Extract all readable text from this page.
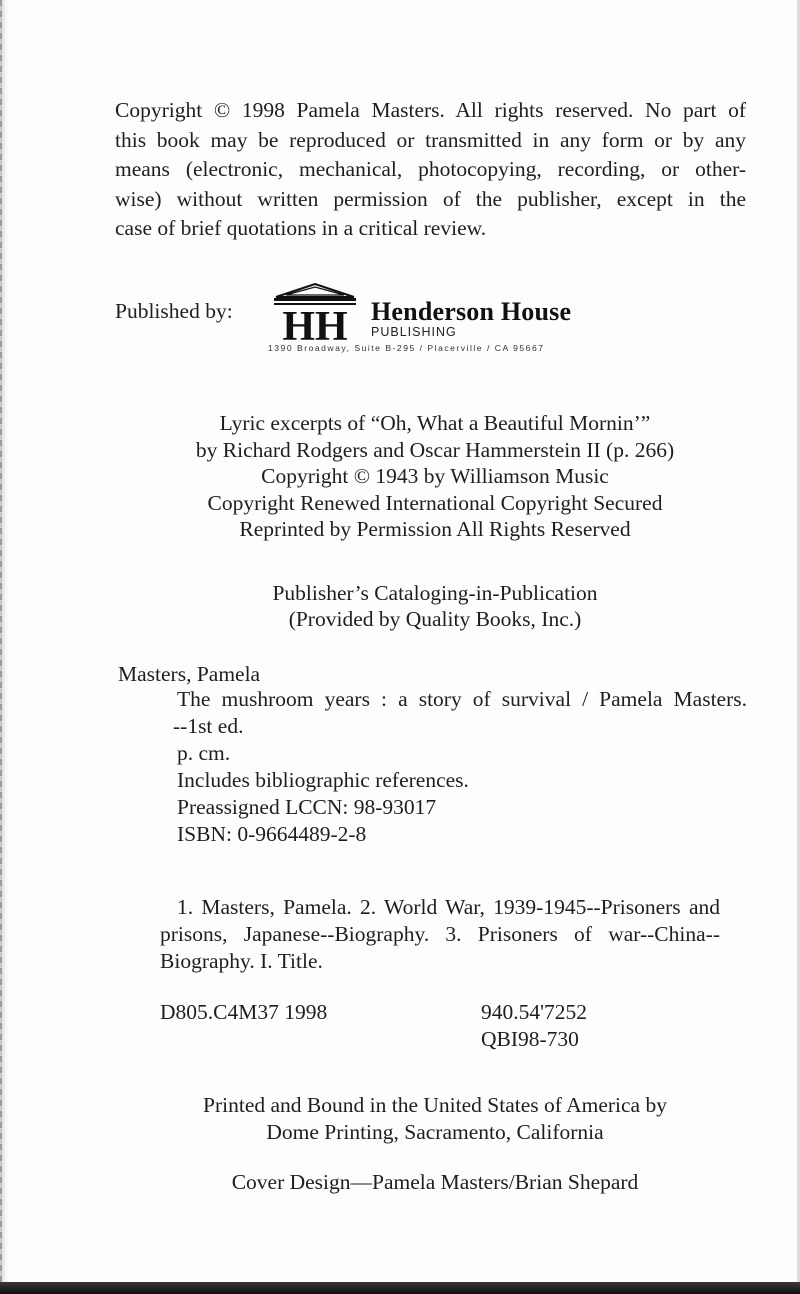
Copyright © 1998 Pamela Masters. All rights reserved. No part of
this book may be reproduced or transmitted in any form or by any
means (electronic, mechanical, photocopying, recording, or other-
wise) without written permission of the publisher, except in the
case of brief quotations in a critical review.
Published by: HH Henderson House
PUBLISHING
1390 Broadway, Suite B-295 / Placerville / CA 95667
Lyric excerpts of “Oh, What a Beautiful Mornin’”
by Richard Rodgers and Oscar Hammerstein II (p. 266)
Copyright © 1943 by Williamson Music
Copyright Renewed International Copyright Secured
Reprinted by Permission All Rights Reserved
Publisher’s Cataloging-in-Publication
(Provided by Quality Books, Inc.)
Masters, Pamela
The mushroom years : a story of survival / Pamela Masters.
--1st ed.
p. cm.
Includes bibliographic references.
Preassigned LCCN: 98-93017
ISBN: 0-9664489-2-8
1. Masters, Pamela. 2. World War, 1939-1945--Prisoners and
prisons, Japanese--Biography. 3. Prisoners of war--China--
Biography. I. Title.
D805.C4M37 1998	940.54'7252
QBI98-730
Printed and Bound in the United States of America by
Dome Printing, Sacramento, California
Cover Design—Pamela Masters/Brian Shepard
